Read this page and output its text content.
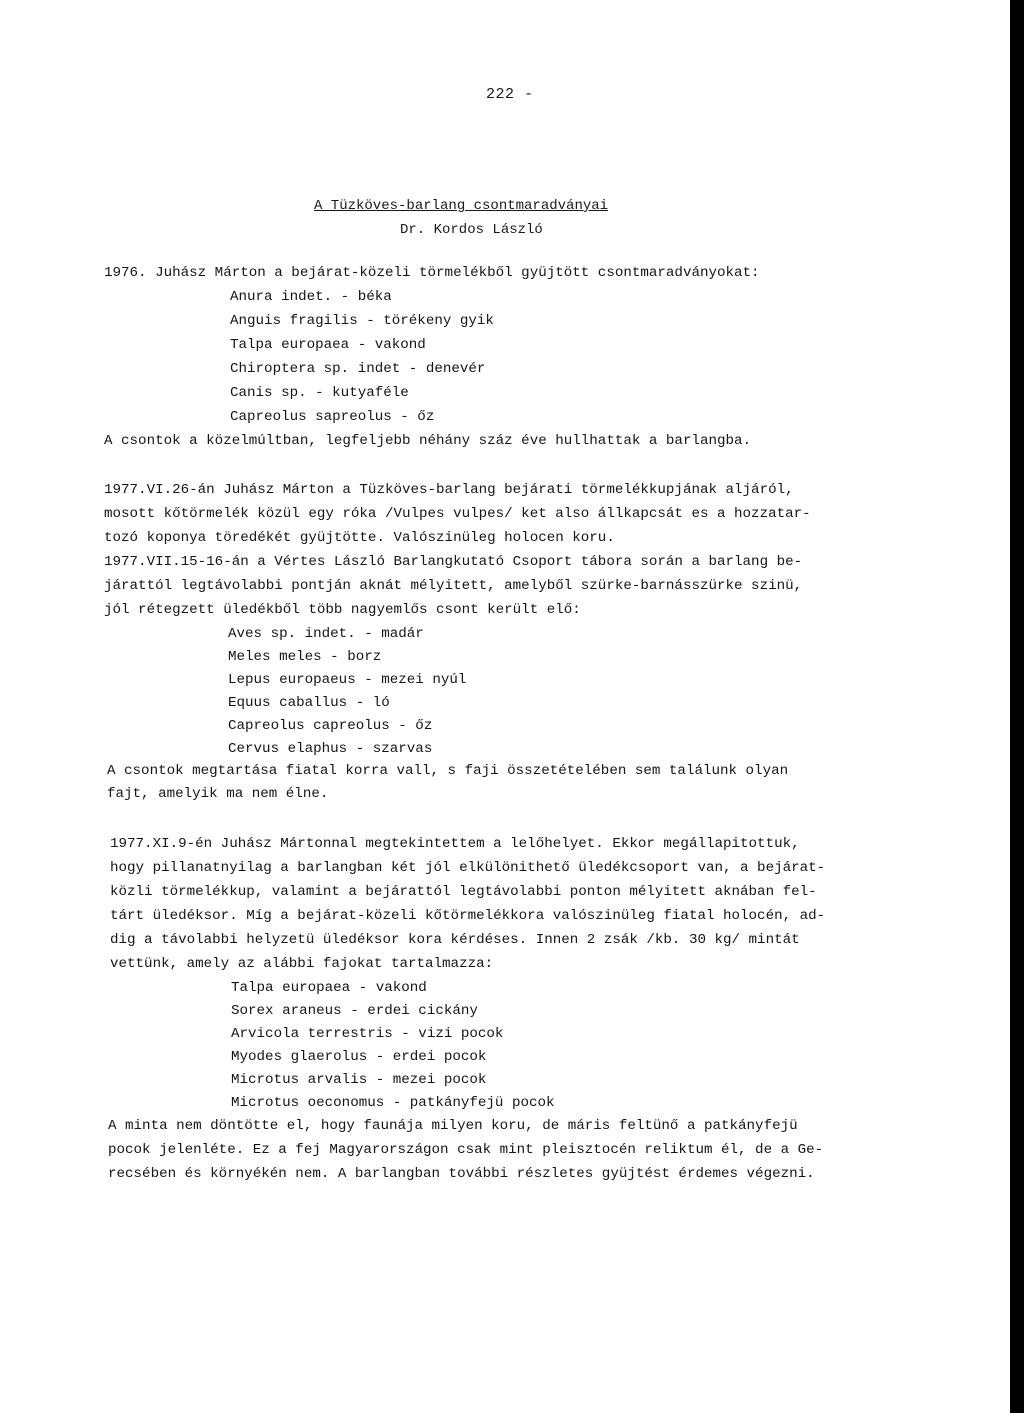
222 -
A Tüzköves-barlang csontmaradványai
Dr. Kordos László
1976. Juhász Márton a bejárat-közeli törmelékből gyüjtött csontmaradványokat:
Anura indet. - béka
Anguis fragilis - törékeny gyik
Talpa europaea - vakond
Chiroptera sp. indet - denevér
Canis sp. - kutyaféle
Capreolus sapreolus - őz
A csontok a közelmúltban, legfeljebb néhány száz éve hullhattak a barlangba.
1977.VI.26-án Juhász Márton a Tüzköves-barlang bejárati törmelékkupjának aljáról,
mosott kőtörmelék közül egy róka /Vulpes vulpes/ ket also állkapcsát es a hozzatar-
tozó koponya töredékét gyüjtötte. Valószinüleg holocen koru.
1977.VII.15-16-án a Vértes László Barlangkutató Csoport tábora során a barlang be-
járattól legtávolabbi pontján aknát mélyitett, amelyből szürke-barnásszürke szinü,
jól rétegzett üledékből több nagyemlős csont került elő:
Aves sp. indet. - madár
Meles meles - borz
Lepus europaeus - mezei nyúl
Equus caballus - ló
Capreolus capreolus - őz
Cervus elaphus - szarvas
A csontok megtartása fiatal korra vall, s faji összetételében sem találunk olyan
fajt, amelyik ma nem élne.
1977.XI.9-én Juhász Mártonnal megtekintettem a lelőhelyet. Ekkor megállapitottuk,
hogy pillanatnyilag a barlangban két jól elkülönithető üledékcsoport van, a bejárat-
közli törmelékkup, valamint a bejárattól legtávolabbi ponton mélyitett aknában fel-
tárt üledéksor. Míg a bejárat-közeli kőtörmelékkora valószinüleg fiatal holocén, ad-
dig a távolabbi helyzetü üledéksor kora kérdéses. Innen 2 zsák /kb. 30 kg/ mintát
vettünk, amely az alábbi fajokat tartalmazza:
Talpa europaea - vakond
Sorex araneus - erdei cickány
Arvicola terrestris - vizi pocok
Myodes glaerolus - erdei pocok
Microtus arvalis - mezei pocok
Microtus oeconomus - patkányfejü pocok
A minta nem döntötte el, hogy faunája milyen koru, de máris feltünő a patkányfejü
pocok jelenléte. Ez a fej Magyarországon csak mint pleisztocén reliktum él, de a Ge-
recsében és környékén nem. A barlangban további részletes gyüjtést érdemes végezni.
